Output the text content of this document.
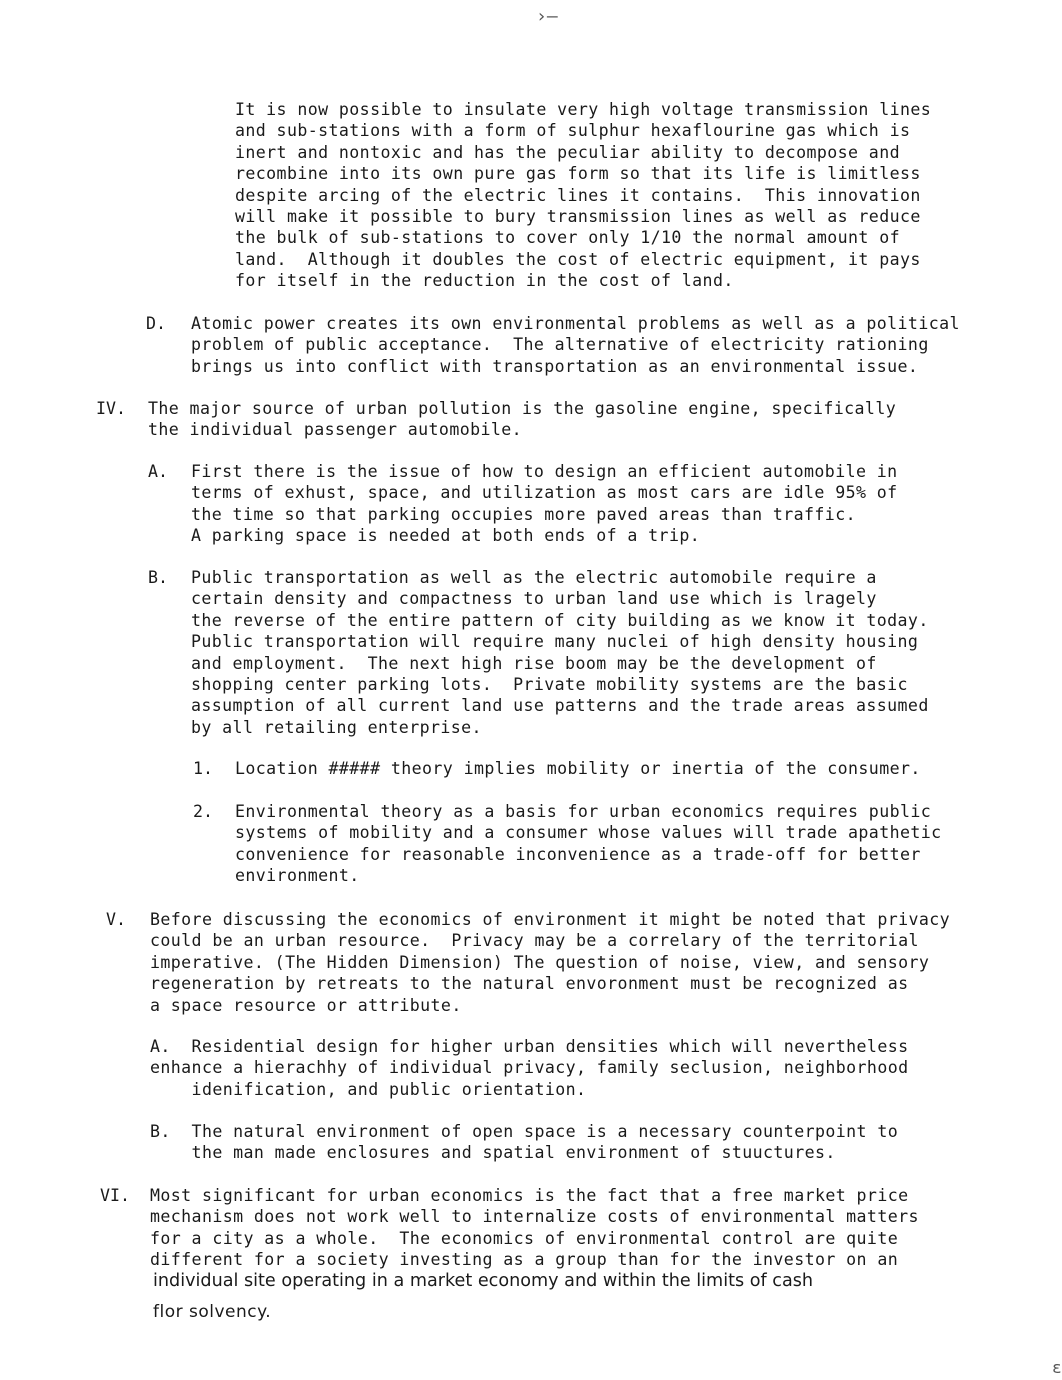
›—
It is now possible to insulate very high voltage transmission lines
and sub-stations with a form of sulphur hexaflourine gas which is
inert and nontoxic and has the peculiar ability to decompose and
recombine into its own pure gas form so that its life is limitless
despite arcing of the electric lines it contains.  This innovation
will make it possible to bury transmission lines as well as reduce
the bulk of sub-stations to cover only 1/10 the normal amount of
land.  Although it doubles the cost of electric equipment, it pays
for itself in the reduction in the cost of land.
D. Atomic power creates its own environmental problems as well as a political
problem of public acceptance.  The alternative of electricity rationing
brings us into conflict with transportation as an environmental issue.
IV. The major source of urban pollution is the gasoline engine, specifically
the individual passenger automobile.
A. First there is the issue of how to design an efficient automobile in
terms of exhust, space, and utilization as most cars are idle 95% of
the time so that parking occupies more paved areas than traffic.
A parking space is needed at both ends of a trip.
B. Public transportation as well as the electric automobile require a
certain density and compactness to urban land use which is lragely
the reverse of the entire pattern of city building as we know it today.
Public transportation will require many nuclei of high density housing
and employment.  The next high rise boom may be the development of
shopping center parking lots.  Private mobility systems are the basic
assumption of all current land use patterns and the trade areas assumed
by all retailing enterprise.
1. Location ##### theory implies mobility or inertia of the consumer.
2. Environmental theory as a basis for urban economics requires public
systems of mobility and a consumer whose values will trade apathetic
convenience for reasonable inconvenience as a trade-off for better
environment.
V. Before discussing the economics of environment it might be noted that privacy
could be an urban resource.  Privacy may be a correlary of the territorial
imperative. (The Hidden Dimension) The question of noise, view, and sensory
regeneration by retreats to the natural envoronment must be recognized as
a space resource or attribute.
A.  Residential design for higher urban densities which will nevertheless
enhance a hierachhy of individual privacy, family seclusion, neighborhood
idenification, and public orientation.
B.  The natural environment of open space is a necessary counterpoint to
the man made enclosures and spatial environment of stuuctures.
VI. Most significant for urban economics is the fact that a free market price
mechanism does not work well to internalize costs of environmental matters
for a city as a whole.  The economics of environmental control are quite
different for a society investing as a group than for the investor on an
individual site operating in a market economy and within the limits of cash
flor solvency.
ε
